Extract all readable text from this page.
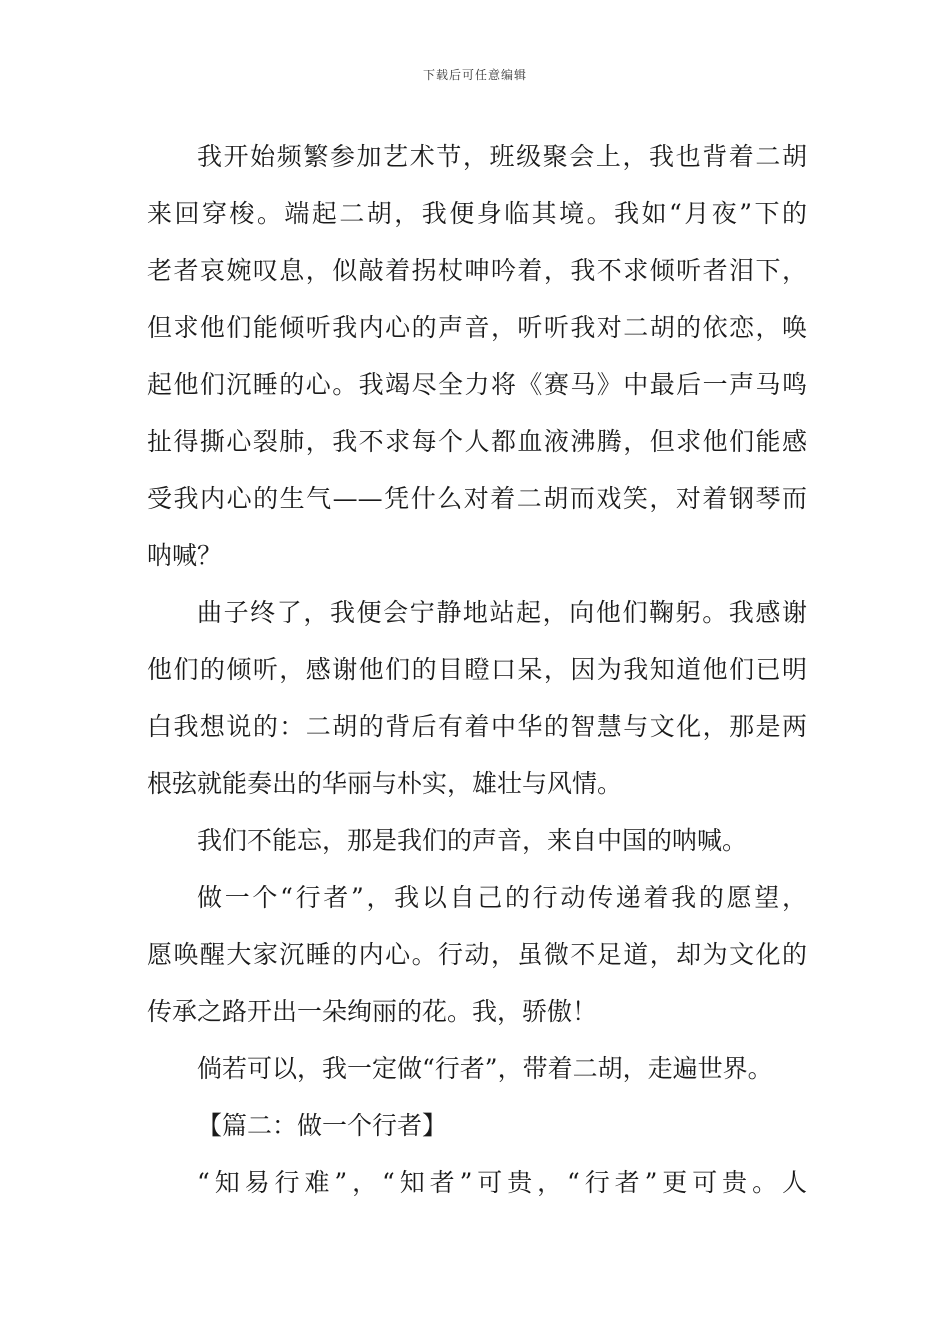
下载后可任意编辑
我开始频繁参加艺术节，班级聚会上，我也背着二胡
来回穿梭。端起二胡，我便身临其境。我如“月夜”下的
老者哀婉叹息，似敲着拐杖呻吟着，我不求倾听者泪下，
但求他们能倾听我内心的声音，听听我对二胡的依恋，唤
起他们沉睡的心。我竭尽全力将《赛马》中最后一声马鸣
扯得撕心裂肺，我不求每个人都血液沸腾，但求他们能感
受我内心的生气——凭什么对着二胡而戏笑，对着钢琴而
呐喊？
曲子终了，我便会宁静地站起，向他们鞠躬。我感谢
他们的倾听，感谢他们的目瞪口呆，因为我知道他们已明
白我想说的：二胡的背后有着中华的智慧与文化，那是两
根弦就能奏出的华丽与朴实，雄壮与风情。
我们不能忘，那是我们的声音，来自中国的呐喊。
做一个“行者”，我以自己的行动传递着我的愿望，
愿唤醒大家沉睡的内心。行动，虽微不足道，却为文化的
传承之路开出一朵绚丽的花。我，骄傲！
倘若可以，我一定做“行者”，带着二胡，走遍世界。
【篇二：做一个行者】
“知易行难”，“知者”可贵，“行者”更可贵。人
